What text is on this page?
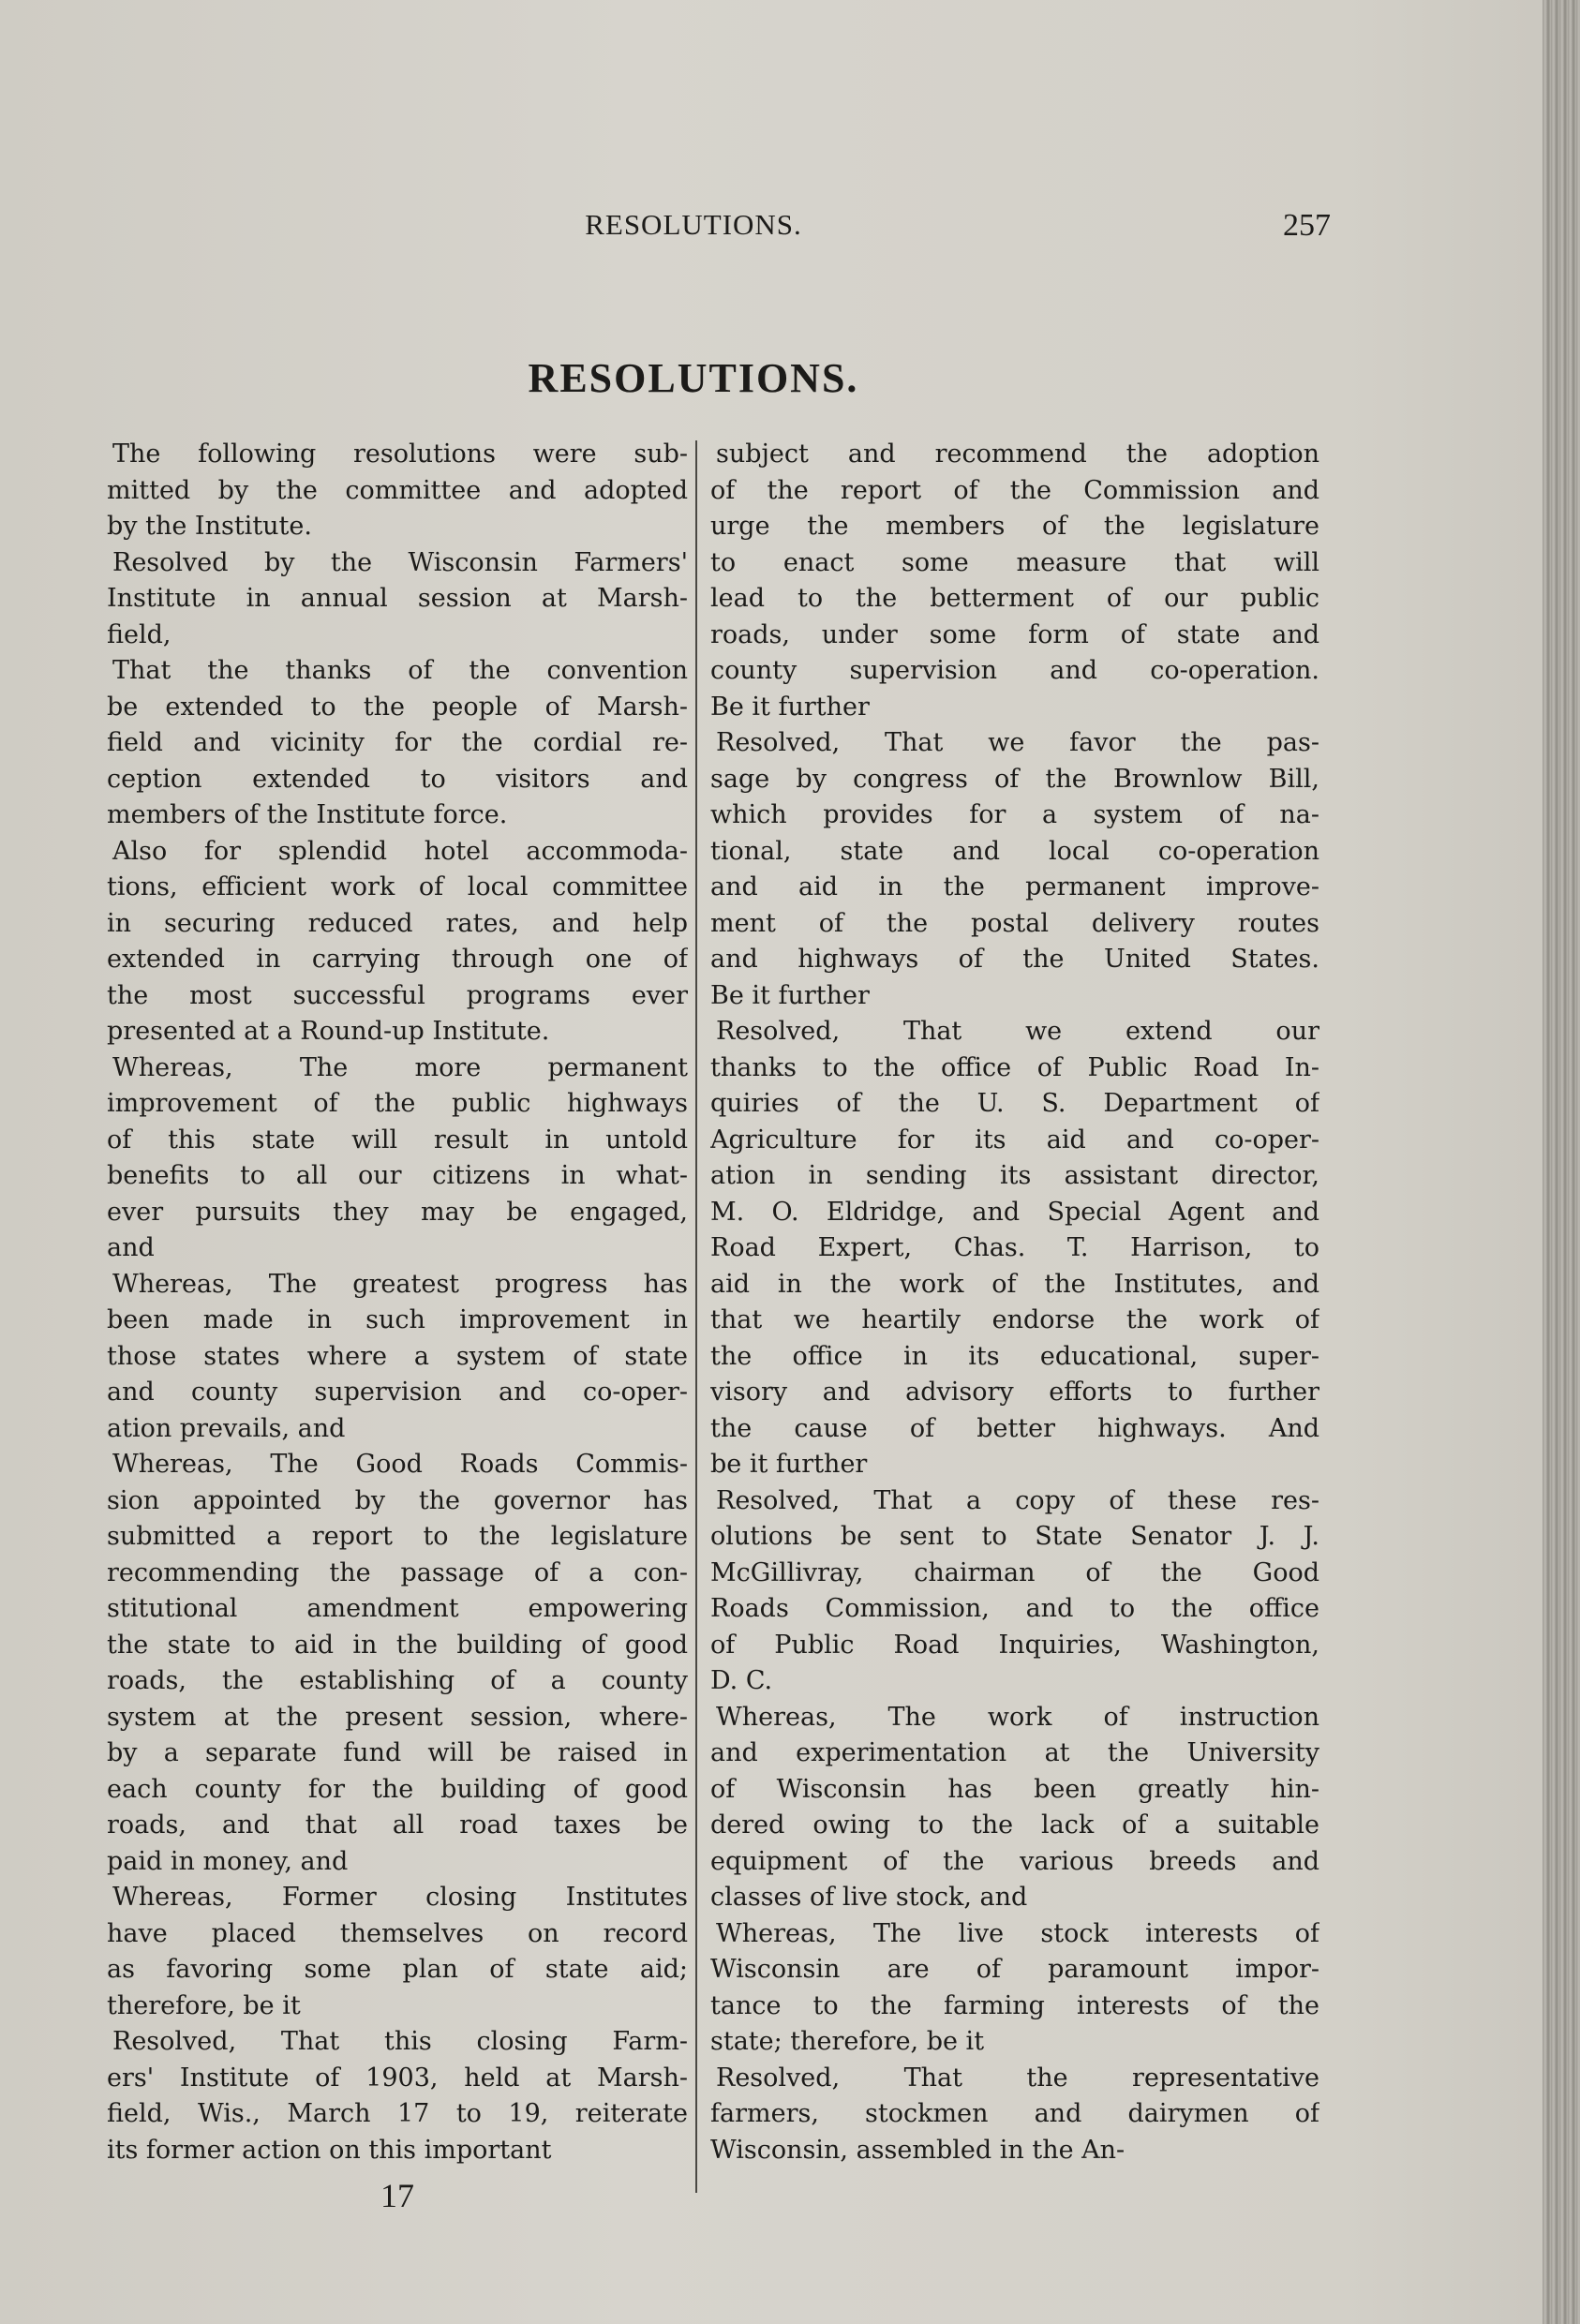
RESOLUTIONS.	257

RESOLUTIONS.
The following resolutions were sub-
mitted by the committee and adopted
by the Institute.
Resolved by the Wisconsin Farmers'
Institute in annual session at Marsh-
field,
That the thanks of the convention
be extended to the people of Marsh-
field and vicinity for the cordial re-
ception extended to visitors and
members of the Institute force.
Also for splendid hotel accommoda-
tions, efficient work of local committee
in securing reduced rates, and help
extended in carrying through one of
the most successful programs ever
presented at a Round-up Institute.
Whereas, The more permanent
improvement of the public highways
of this state will result in untold
benefits to all our citizens in what-
ever pursuits they may be engaged,
and
Whereas, The greatest progress has
been made in such improvement in
those states where a system of state
and county supervision and co-oper-
ation prevails, and
Whereas, The Good Roads Commis-
sion appointed by the governor has
submitted a report to the legislature
recommending the passage of a con-
stitutional amendment empowering
the state to aid in the building of good
roads, the establishing of a county
system at the present session, where-
by a separate fund will be raised in
each county for the building of good
roads, and that all road taxes be
paid in money, and
Whereas, Former closing Institutes
have placed themselves on record
as favoring some plan of state aid;
therefore, be it
Resolved, That this closing Farm-
ers' Institute of 1903, held at Marsh-
field, Wis., March 17 to 19, reiterate
its former action on this important
subject and recommend the adoption
of the report of the Commission and
urge the members of the legislature
to enact some measure that will
lead to the betterment of our public
roads, under some form of state and
county supervision and co-operation.
Be it further
Resolved, That we favor the pas-
sage by congress of the Brownlow Bill,
which provides for a system of na-
tional, state and local co-operation
and aid in the permanent improve-
ment of the postal delivery routes
and highways of the United States.
Be it further
Resolved, That we extend our
thanks to the office of Public Road In-
quiries of the U. S. Department of
Agriculture for its aid and co-oper-
ation in sending its assistant director,
M. O. Eldridge, and Special Agent and
Road Expert, Chas. T. Harrison, to
aid in the work of the Institutes, and
that we heartily endorse the work of
the office in its educational, super-
visory and advisory efforts to further
the cause of better highways. And
be it further
Resolved, That a copy of these res-
olutions be sent to State Senator J. J.
McGillivray, chairman of the Good
Roads Commission, and to the office
of Public Road Inquiries, Washington,
D. C.
Whereas, The work of instruction
and experimentation at the University
of Wisconsin has been greatly hin-
dered owing to the lack of a suitable
equipment of the various breeds and
classes of live stock, and
Whereas, The live stock interests of
Wisconsin are of paramount impor-
tance to the farming interests of the
state; therefore, be it
Resolved, That the representative
farmers, stockmen and dairymen of
Wisconsin, assembled in the An-

17
